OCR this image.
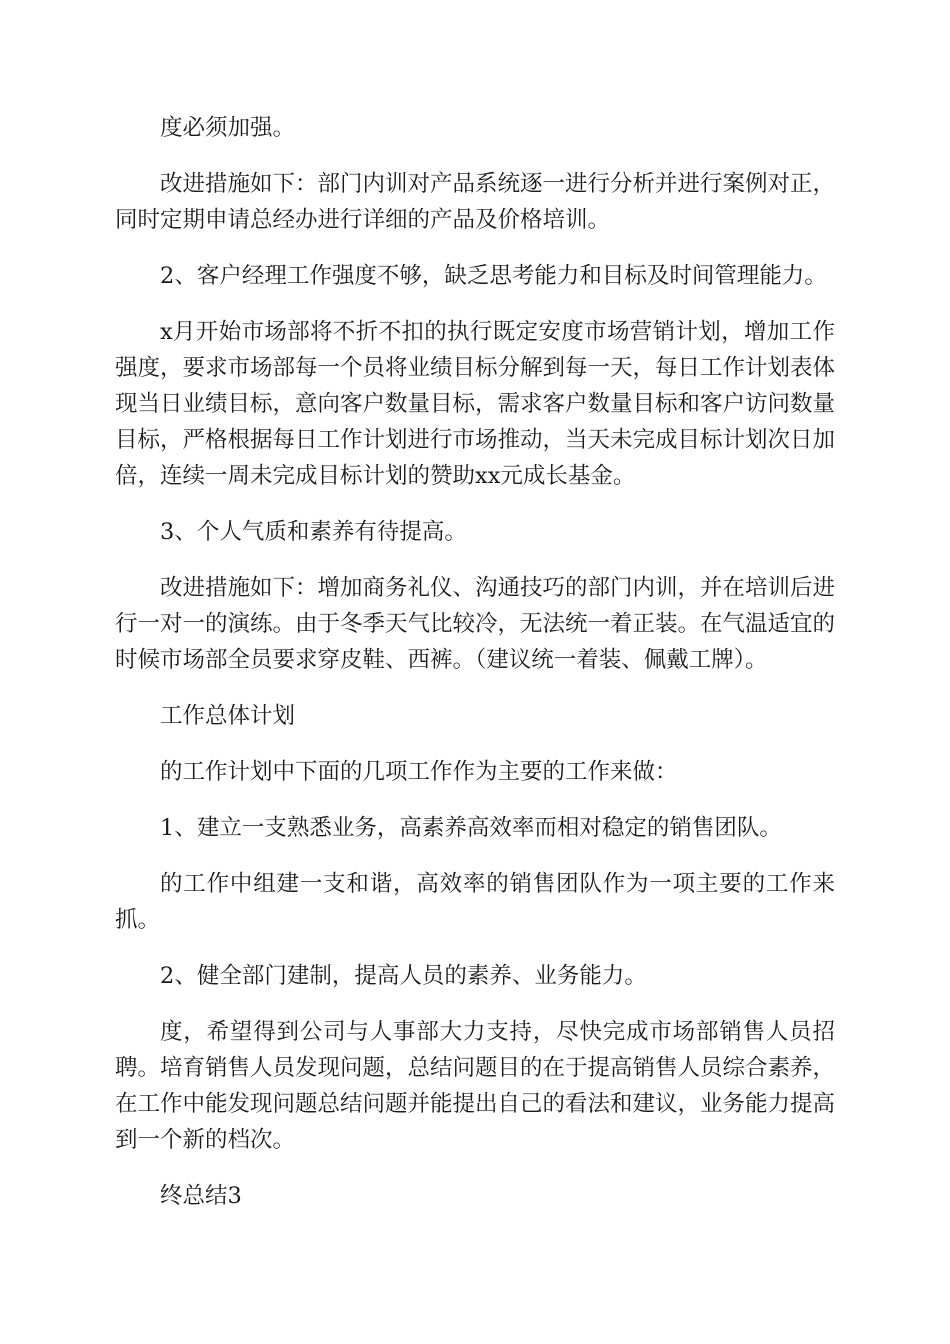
度必须加强。

改进措施如下：部门内训对产品系统逐一进行分析并进行案例对正，同时定期申请总经办进行详细的产品及价格培训。

2、客户经理工作强度不够，缺乏思考能力和目标及时间管理能力。

x月开始市场部将不折不扣的执行既定安度市场营销计划，增加工作强度，要求市场部每一个员将业绩目标分解到每一天，每日工作计划表体现当日业绩目标，意向客户数量目标，需求客户数量目标和客户访问数量目标，严格根据每日工作计划进行市场推动，当天未完成目标计划次日加倍，连续一周未完成目标计划的赞助xx元成长基金。

3、个人气质和素养有待提高。

改进措施如下：增加商务礼仪、沟通技巧的部门内训，并在培训后进行一对一的演练。由于冬季天气比较冷，无法统一着正装。在气温适宜的时候市场部全员要求穿皮鞋、西裤。（建议统一着装、佩戴工牌）。

工作总体计划

的工作计划中下面的几项工作作为主要的工作来做：

1、建立一支熟悉业务，高素养高效率而相对稳定的销售团队。

的工作中组建一支和谐，高效率的销售团队作为一项主要的工作来抓。

2、健全部门建制，提高人员的素养、业务能力。

度，希望得到公司与人事部大力支持，尽快完成市场部销售人员招聘。培育销售人员发现问题，总结问题目的在于提高销售人员综合素养，在工作中能发现问题总结问题并能提出自己的看法和建议，业务能力提高到一个新的档次。

终总结3
